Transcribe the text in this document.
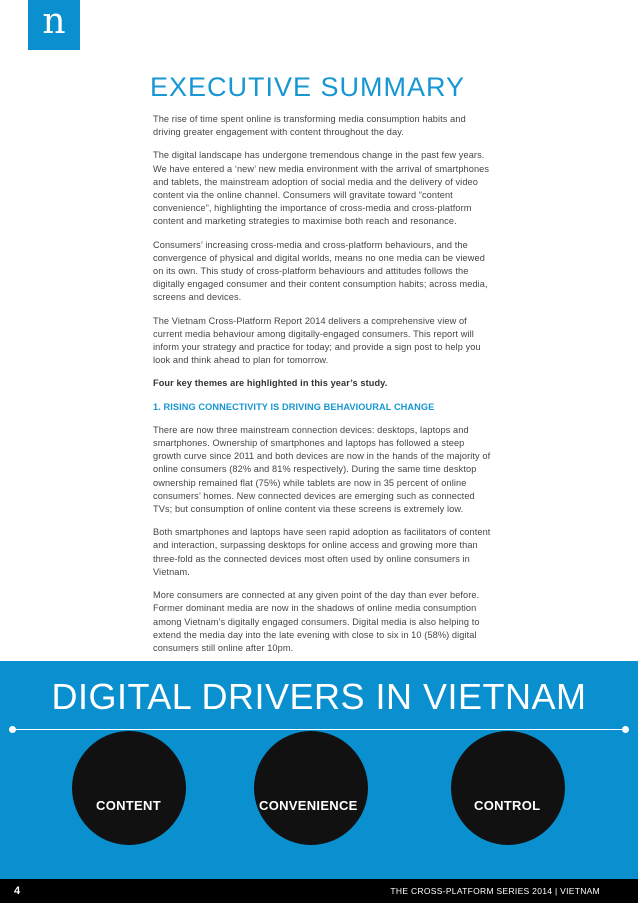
n
EXECUTIVE SUMMARY

The rise of time spent online is transforming media consumption habits and driving greater engagement with content throughout the day.

The digital landscape has undergone tremendous change in the past few years. We have entered a ‘new’ new media environment with the arrival of smartphones and tablets, the mainstream adoption of social media and the delivery of video content via the online channel. Consumers will gravitate toward “content convenience”, highlighting the importance of cross-media and cross-platform content and marketing strategies to maximise both reach and resonance.

Consumers’ increasing cross-media and cross-platform behaviours, and the convergence of physical and digital worlds, means no one media can be viewed on its own. This study of cross-platform behaviours and attitudes follows the digitally engaged consumer and their content consumption habits; across media, screens and devices.

The Vietnam Cross-Platform Report 2014 delivers a comprehensive view of current media behaviour among digitally-engaged consumers. This report will inform your strategy and practice for today; and provide a sign post to help you look and think ahead to plan for tomorrow.

Four key themes are highlighted in this year’s study.

1. RISING CONNECTIVITY IS DRIVING BEHAVIOURAL CHANGE

There are now three mainstream connection devices: desktops, laptops and smartphones. Ownership of smartphones and laptops has followed a steep growth curve since 2011 and both devices are now in the hands of the majority of online consumers (82% and 81% respectively). During the same time desktop ownership remained flat (75%) while tablets are now in 35 percent of online consumers’ homes. New connected devices are emerging such as connected TVs; but consumption of online content via these screens is extremely low.

Both smartphones and laptops have seen rapid adoption as facilitators of content and interaction, surpassing desktops for online access and growing more than three-fold as the connected devices most often used by online consumers in Vietnam.

More consumers are connected at any given point of the day than ever before. Former dominant media are now in the shadows of online media consumption among Vietnam’s digitally engaged consumers. Digital media is also helping to extend the media day into the late evening with close to six in 10 (58%) digital consumers still online after 10pm.

DIGITAL DRIVERS IN VIETNAM
CONTENT	CONVENIENCE	CONTROL
4	THE CROSS-PLATFORM SERIES 2014 | VIETNAM
